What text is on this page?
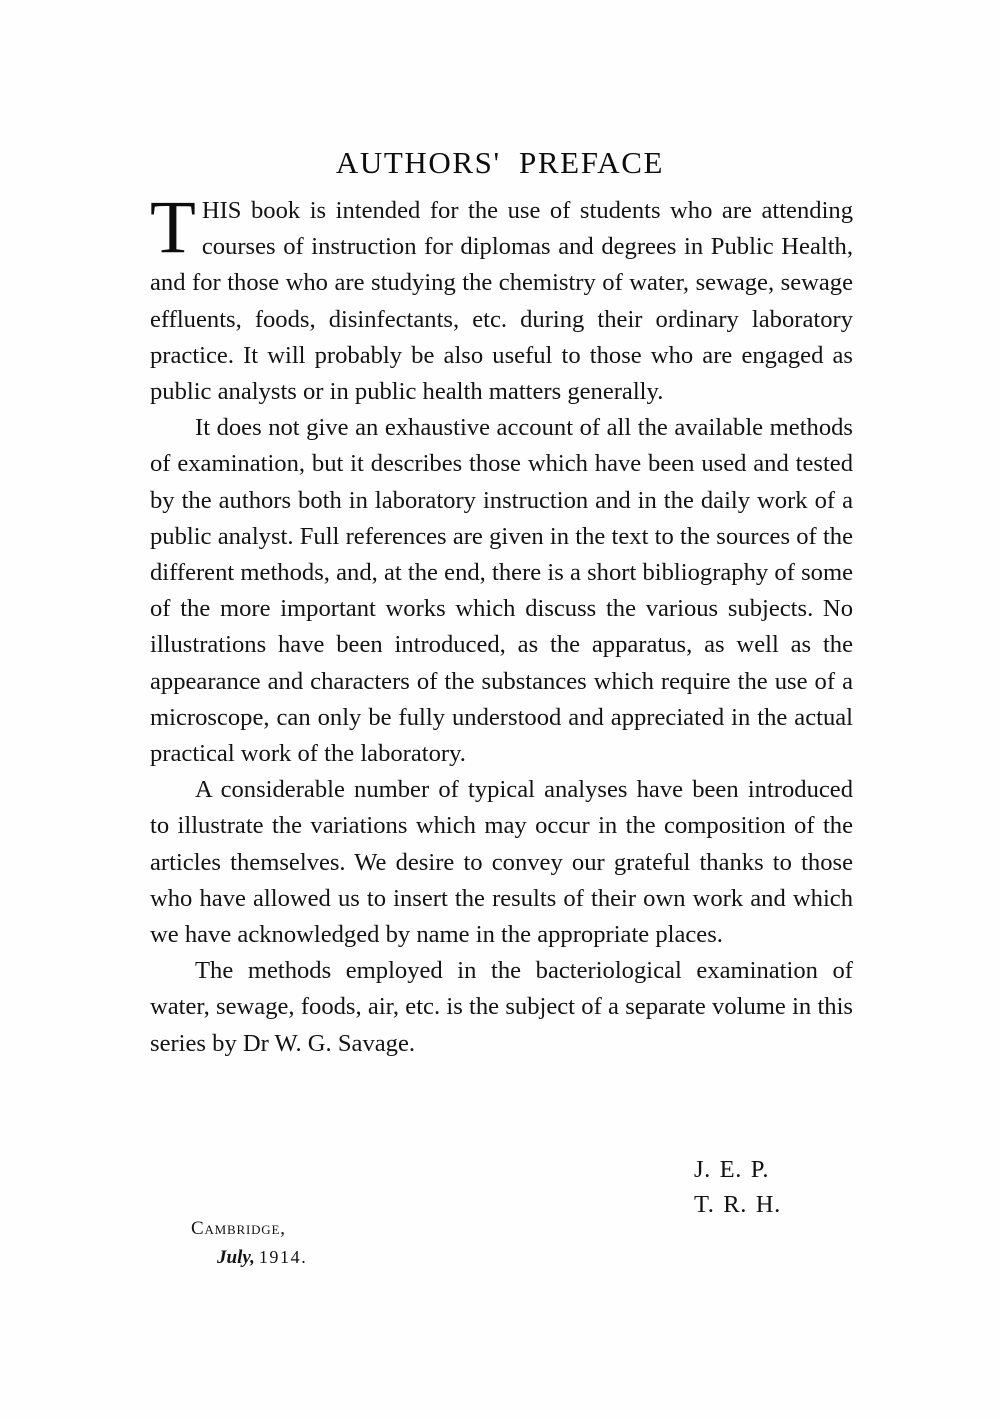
AUTHORS' PREFACE

THIS book is intended for the use of students who are attending courses of instruction for diplomas and degrees in Public Health, and for those who are studying the chemistry of water, sewage, sewage effluents, foods, disinfectants, etc. during their ordinary laboratory practice. It will probably be also useful to those who are engaged as public analysts or in public health matters generally.

It does not give an exhaustive account of all the available methods of examination, but it describes those which have been used and tested by the authors both in laboratory instruction and in the daily work of a public analyst. Full references are given in the text to the sources of the different methods, and, at the end, there is a short bibliography of some of the more important works which discuss the various subjects. No illustrations have been introduced, as the apparatus, as well as the appearance and characters of the substances which require the use of a microscope, can only be fully understood and appreciated in the actual practical work of the laboratory.

A considerable number of typical analyses have been introduced to illustrate the variations which may occur in the composition of the articles themselves. We desire to convey our grateful thanks to those who have allowed us to insert the results of their own work and which we have acknowledged by name in the appropriate places.

The methods employed in the bacteriological examination of water, sewage, foods, air, etc. is the subject of a separate volume in this series by Dr W. G. Savage.

J. E. P.
T. R. H.
Cambridge,
July, 1914.
